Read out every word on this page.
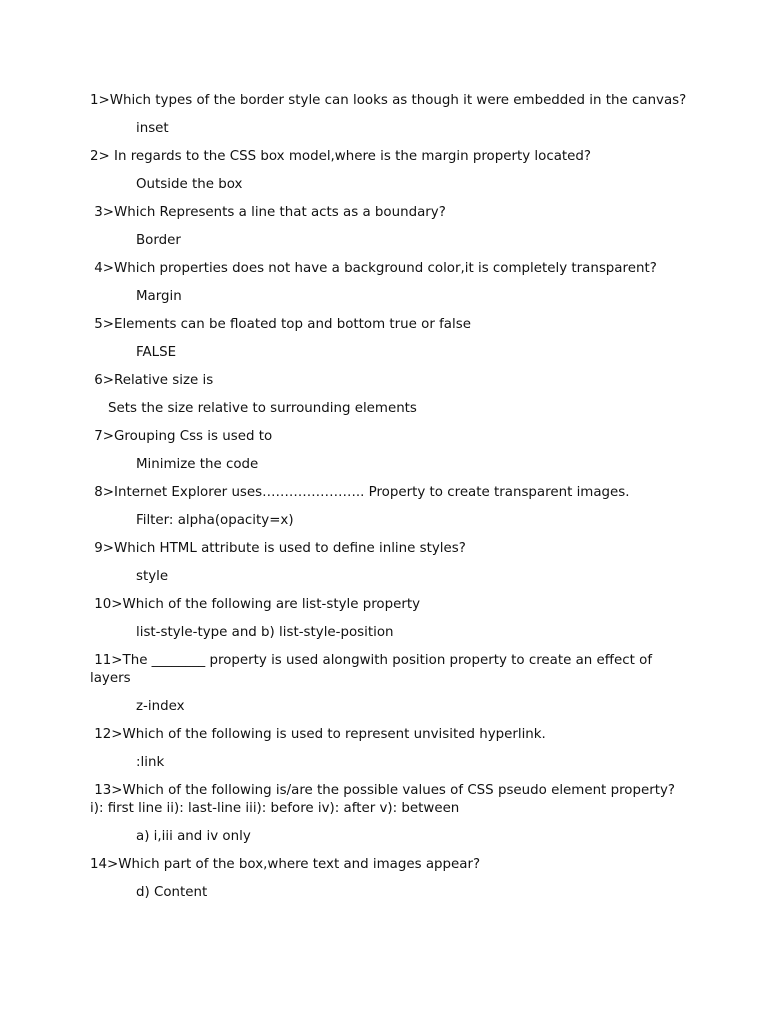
1>Which types of the border style can looks as though it were embedded in the canvas?

inset

2> In regards to the CSS box model,where is the margin property located?

Outside the box

3>Which Represents a line that acts as a boundary?

Border

4>Which properties does not have a background color,it is completely transparent?

Margin

5>Elements can be floated top and bottom true or false

FALSE

6>Relative size is

Sets the size relative to surrounding elements

7>Grouping Css is used to

Minimize the code

8>Internet Explorer uses………………….. Property to create transparent images.

Filter: alpha(opacity=x)

9>Which HTML attribute is used to define inline styles?

style

10>Which of the following are list-style property

list-style-type and b) list-style-position

11>The ________ property is used alongwith position property to create an effect of layers

z-index

12>Which of the following is used to represent unvisited hyperlink.

:link

13>Which of the following is/are the possible values of CSS pseudo element property? i): first line ii): last-line iii): before iv): after v): between

a) i,iii and iv only

14>Which part of the box,where text and images appear?

d) Content
